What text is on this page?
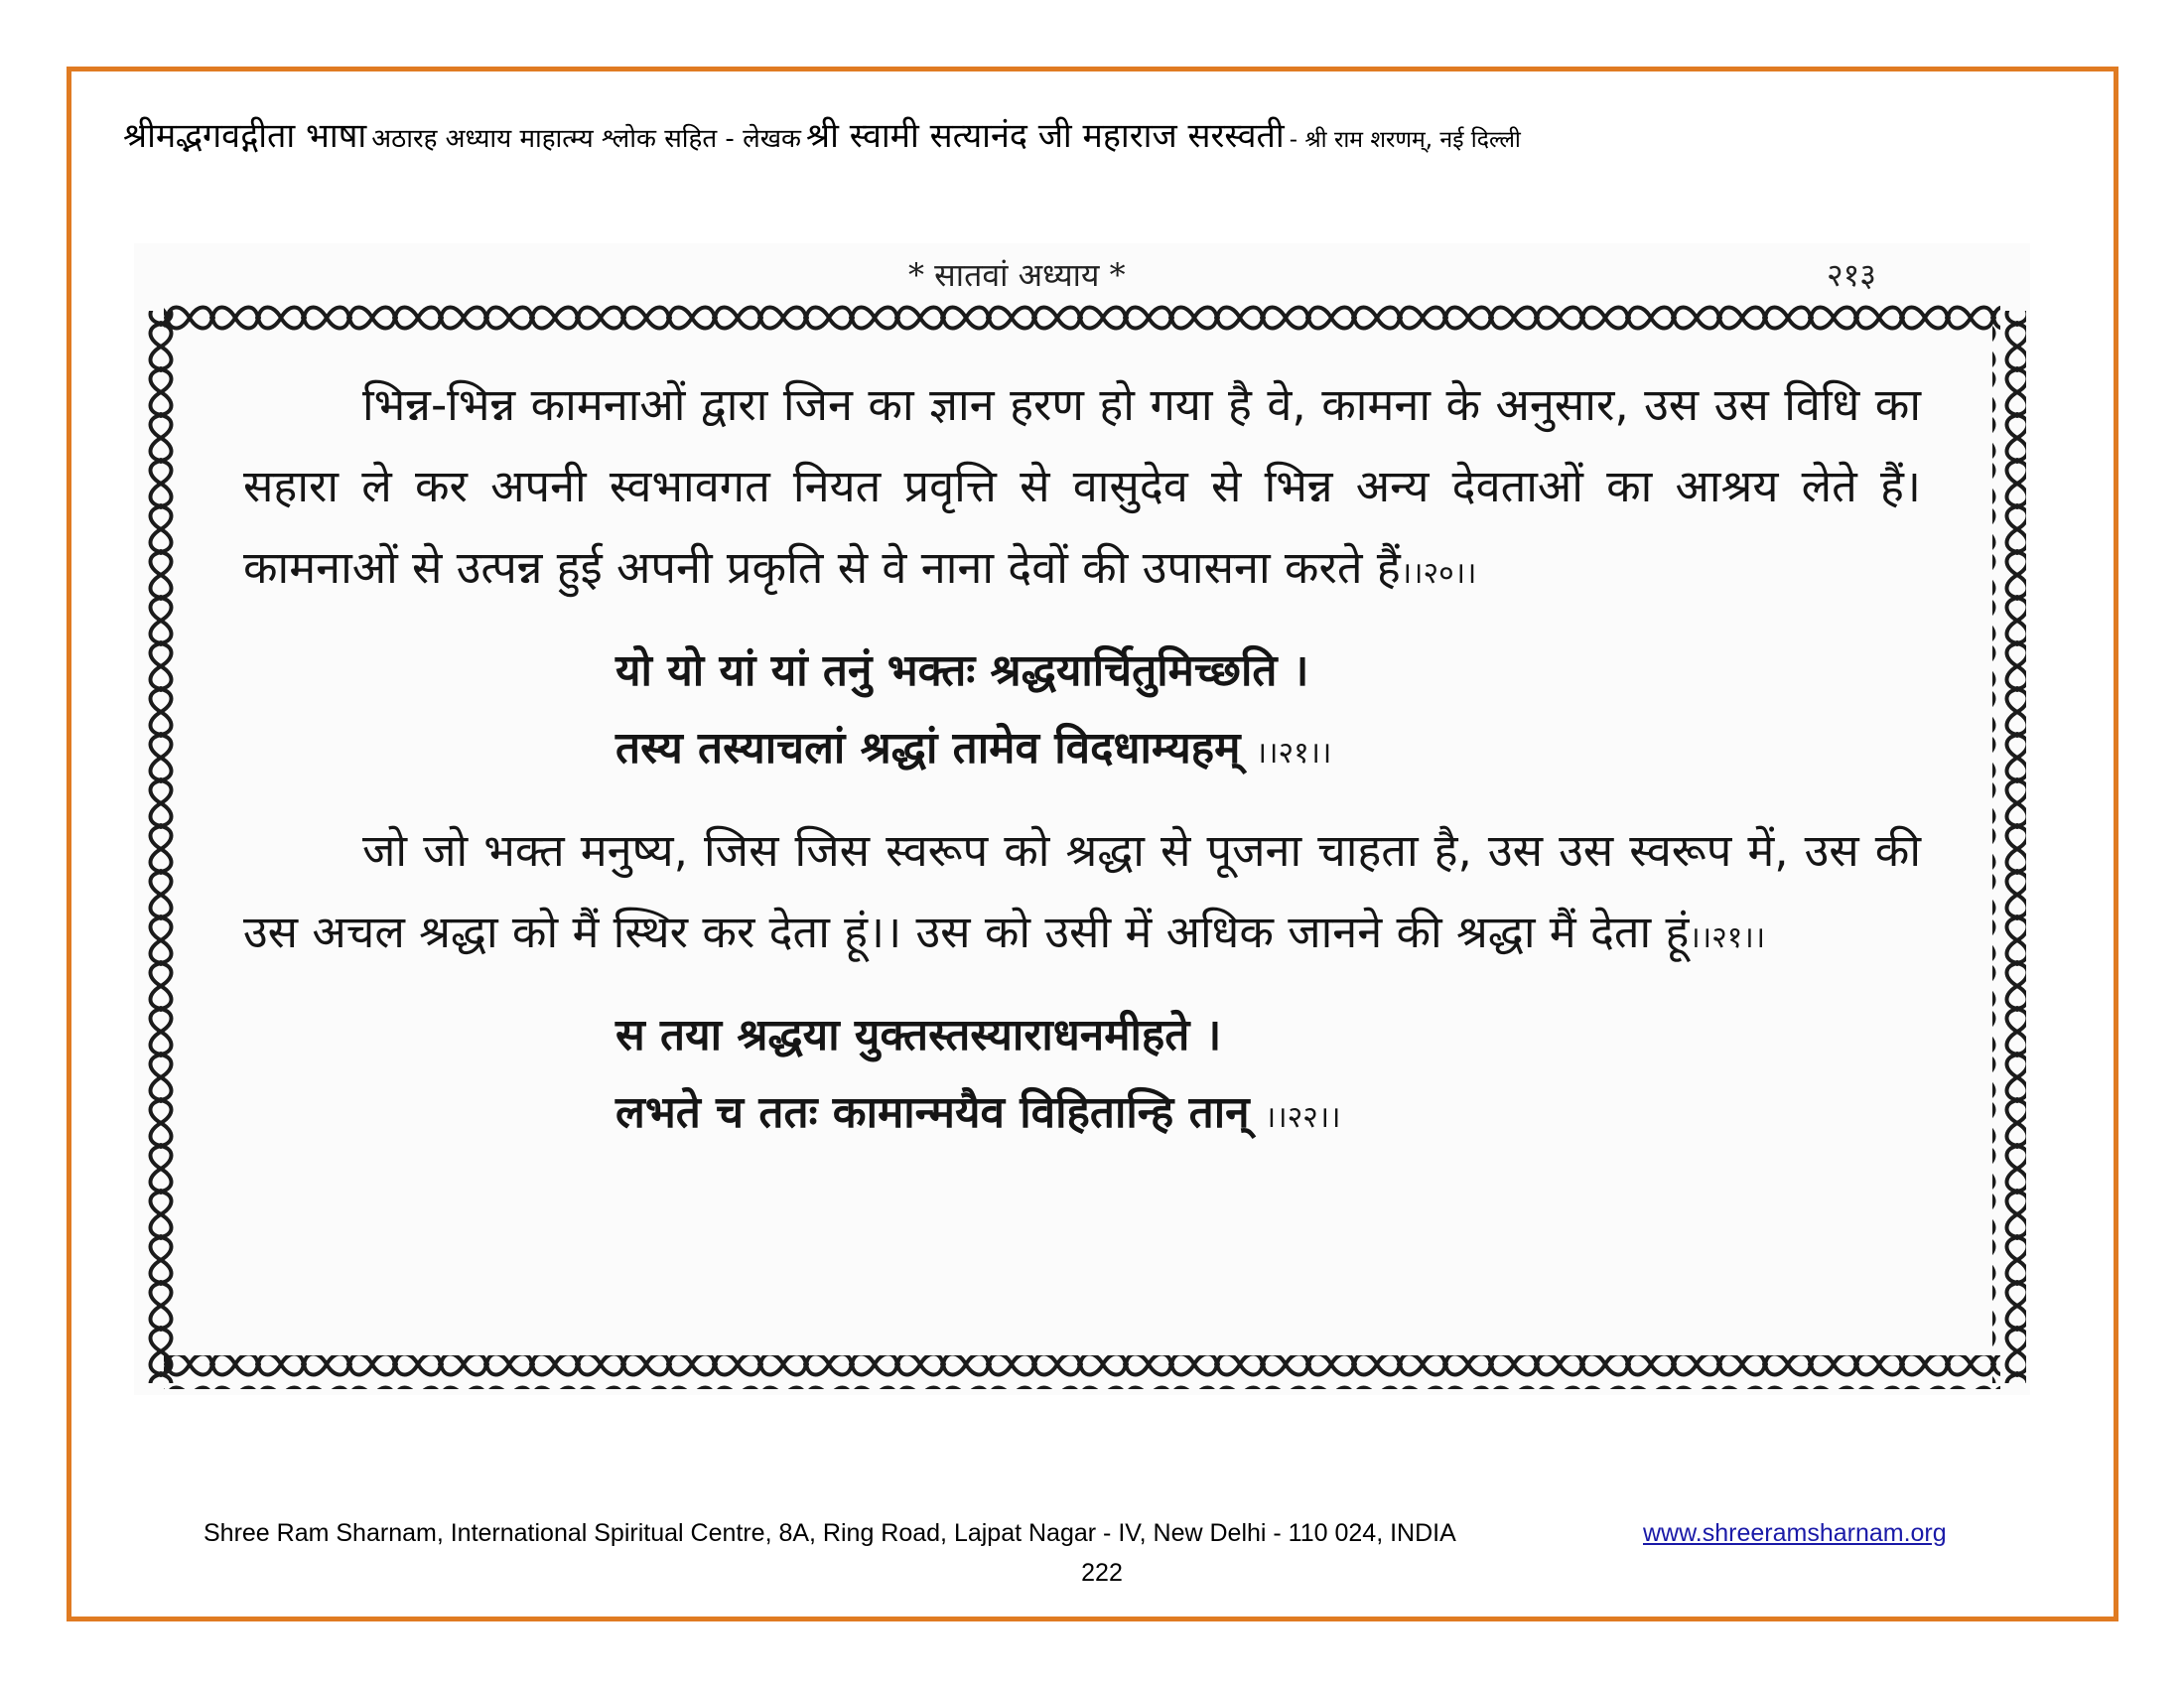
श्रीमद्भगवद्गीता भाषा अठारह अध्याय माहात्म्य श्लोक सहित - लेखक श्री स्वामी सत्यानंद जी महाराज सरस्वती - श्री राम शरणम्, नई दिल्ली
* सातवां अध्याय *	२१३

भिन्न-भिन्न कामनाओं द्वारा जिन का ज्ञान हरण हो गया है वे, कामना के अनुसार, उस उस विधि का सहारा ले कर अपनी स्वभावगत नियत प्रवृत्ति से वासुदेव से भिन्न अन्य देवताओं का आश्रय लेते हैं। कामनाओं से उत्पन्न हुई अपनी प्रकृति से वे नाना देवों की उपासना करते हैं।।२०।।

यो यो यां यां तनुं भक्तः श्रद्धयार्चितुमिच्छति ।
तस्य तस्याचलां श्रद्धां तामेव विदधाम्यहम् ।।२१।।

जो जो भक्त मनुष्य, जिस जिस स्वरूप को श्रद्धा से पूजना चाहता है, उस उस स्वरूप में, उस की उस अचल श्रद्धा को मैं स्थिर कर देता हूं।। उस को उसी में अधिक जानने की श्रद्धा मैं देता हूं।।२१।।

स तया श्रद्धया युक्तस्तस्याराधनमीहते ।
लभते च ततः कामान्मयैव विहितान्हि तान् ।।२२।।
Shree Ram Sharnam, International Spiritual Centre, 8A, Ring Road, Lajpat Nagar - IV, New Delhi - 110 024, INDIA	www.shreeramsharnam.org
222
